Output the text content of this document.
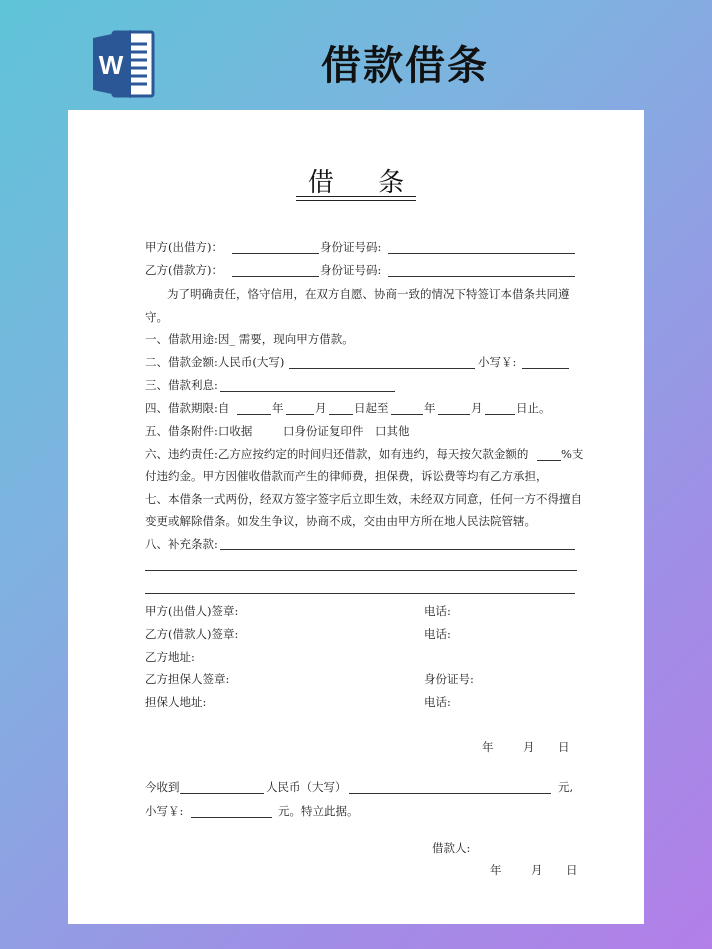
W	借款借条
借 条
甲方(出借方)：	身份证号码:
乙方(借款方)：	身份证号码:
为了明确责任，恪守信用，在双方自愿、协商一致的情况下特签订本借条共同遵
守。
一、借款用途:因_ 需要，现向甲方借款。
二、借款金额:人民币(大写)	小写￥:
三、借款利息:
四、借款期限:自	年	月 日起至	年	月	日止。
五、借条附件:口收据	口身份证复印件 口其他
六、违约责任:乙方应按约定的时间归还借款，如有违约，每天按欠款金额的	%支
付违约金。甲方因催收借款而产生的律师费，担保费，诉讼费等均有乙方承担，
七、本借条一式两份，经双方签字签字后立即生效，未经双方同意，任何一方不得擅自
变更或解除借条。如发生争议，协商不成，交由由甲方所在地人民法院管辖。
八、补充条款:
甲方(出借人)签章:	电话:
乙方(借款人)签章:	电话:
乙方地址:
乙方担保人签章:	身份证号:
担保人地址:	电话:
年	月 日
今收到	人民币（大写）	元,
小写￥:	元。特立此据。
借款人:
年	月 日
